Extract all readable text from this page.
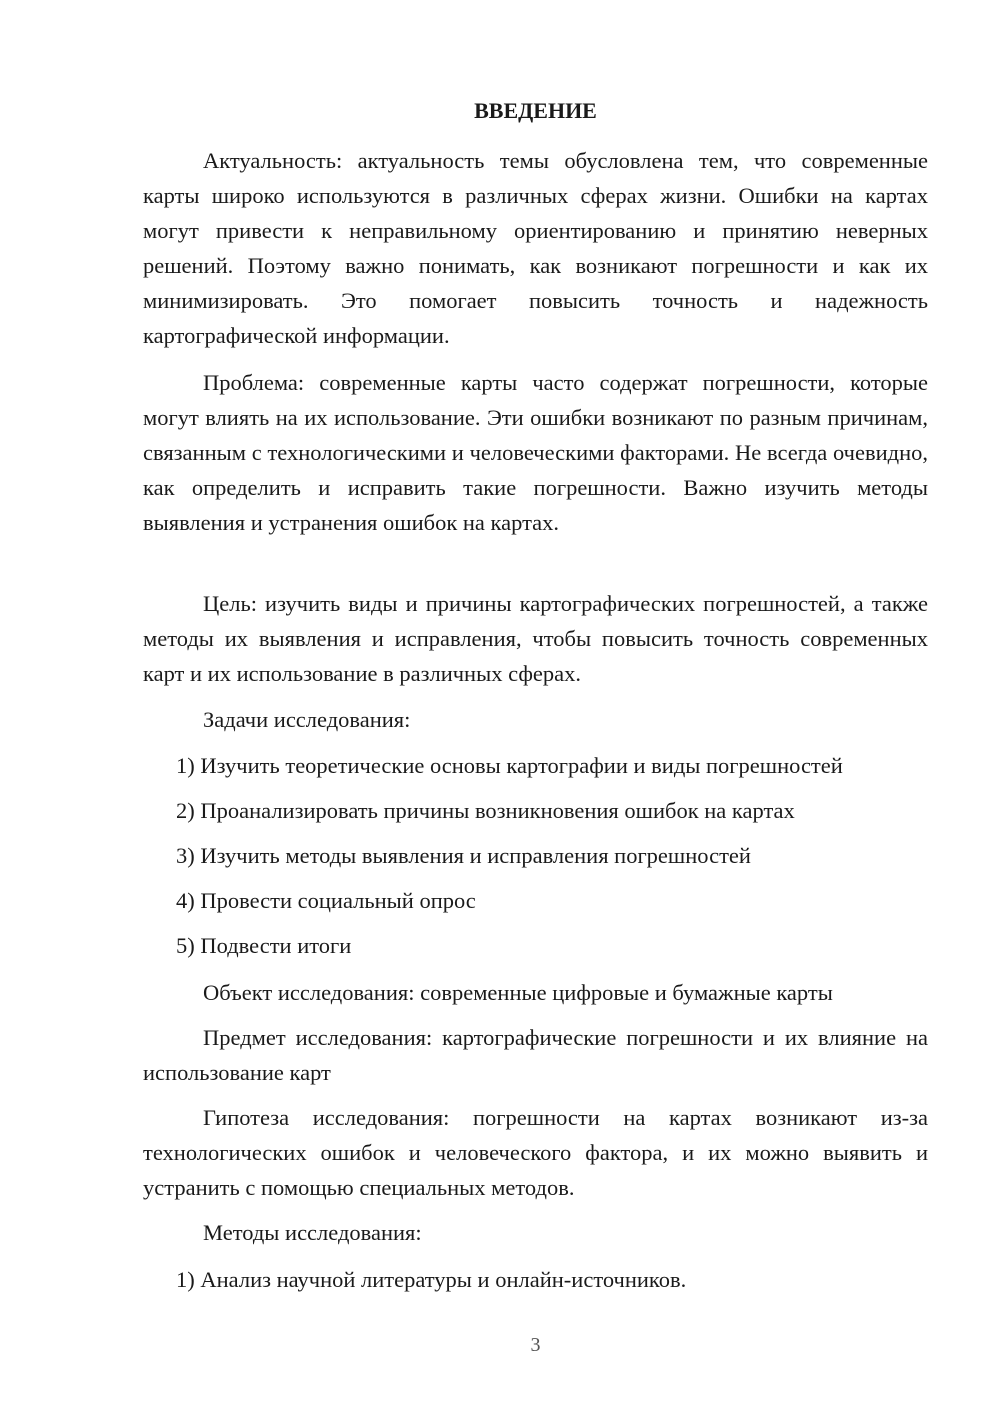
ВВЕДЕНИЕ

Актуальность: актуальность темы обусловлена тем, что современные карты широко используются в различных сферах жизни. Ошибки на картах могут привести к неправильному ориентированию и принятию неверных решений. Поэтому важно понимать, как возникают погрешности и как их минимизировать. Это помогает повысить точность и надежность картографической информации.

Проблема: современные карты часто содержат погрешности, которые могут влиять на их использование. Эти ошибки возникают по разным причинам, связанным с технологическими и человеческими факторами. Не всегда очевидно, как определить и исправить такие погрешности. Важно изучить методы выявления и устранения ошибок на картах.

Цель: изучить виды и причины картографических погрешностей, а также методы их выявления и исправления, чтобы повысить точность современных карт и их использование в различных сферах.

Задачи исследования:

1) Изучить теоретические основы картографии и виды погрешностей

2) Проанализировать причины возникновения ошибок на картах

3) Изучить методы выявления и исправления погрешностей

4) Провести социальный опрос

5) Подвести итоги

Объект исследования: современные цифровые и бумажные карты

Предмет исследования: картографические погрешности и их влияние на использование карт

Гипотеза исследования: погрешности на картах возникают из-за технологических ошибок и человеческого фактора, и их можно выявить и устранить с помощью специальных методов.

Методы исследования:

1) Анализ научной литературы и онлайн-источников.

3
